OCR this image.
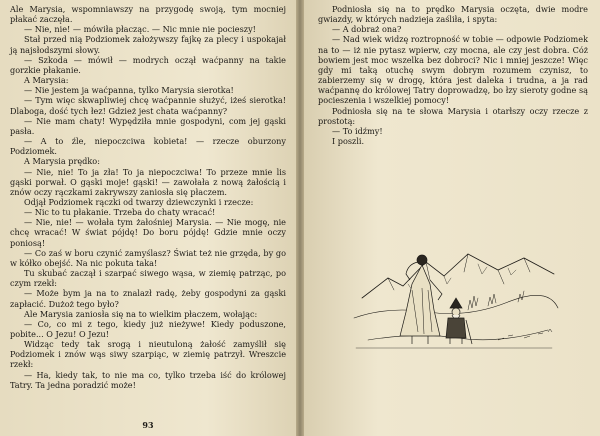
Ale Marysia, wspomniawszy na przygodę swoją, tym mocniej płakać zaczęła.

— Nie, nie! — mówiła płacząc. — Nic mnie nie pocieszy!

Stał przed nią Podziomek założywszy fajkę za plecy i uspokajał ją najsłodszymi słowy.

— Szkoda — mówił — modrych oczął waćpanny na takie gorzkie płakanie.

A Marysia:

— Nie jestem ja waćpanna, tylko Marysia sierotka!

— Tym więc skwapliwiej chcę waćpannie służyć, iżeś sierotka! Dlaboga, dość tych łez! Gdzież jest chata waćpanny?

— Nie mam chaty! Wypędziła mnie gospodyni, com jej gąski pasła.

— A to źle, niepoczciwa kobieta! — rzecze oburzony Podziomek.

A Marysia prędko:

— Nie, nie! To ja zła! To ja niepoczciwa! To przeze mnie lis gąski porwał. O gąski moje! gąski! — zawołała z nową żałością i znów oczy rączkami zakrywszy zaniosła się płaczem.

Odjął Podziomek rączki od twarzy dziewczynki i rzecze:

— Nic to tu płakanie. Trzeba do chaty wracać!

— Nie, nie! — wołała tym żałośniej Marysia. — Nie mogę, nie chcę wracać! W świat pójdę! Do boru pójdę! Gdzie mnie oczy poniosą!

— Co zaś w boru czynić zamyślasz? Świat też nie grzęda, by go w kółko obejść. Na nic pokuta taka!

Tu skubać zaczął i szarpać siwego wąsa, w ziemię patrząc, po czym rzekł:

— Może bym ja na to znalazł radę, żeby gospodyni za gąski zapłacić. Dużoż tego było?

Ale Marysia zaniosła się na to wielkim płaczem, wołając:

— Co, co mi z tego, kiedy już nieżywe! Kiedy poduszone, pobite... O Jezu! O Jezu!

Widząc tedy tak srogą i nieutuloną żałość zamyślił się Podziomek i znów wąs siwy szarpiąc, w ziemię patrzył. Wreszcie rzekł:

— Ha, kiedy tak, to nie ma co, tylko trzeba iść do królowej Tatry. Ta jedna poradzić może!

93

Podniosła się na to prędko Marysia oczęta, dwie modre gwiazdy, w których nadzieja zaśliła, i spyta:

— A dobraż ona?

— Nad wiek widzę roztropność w tobie — odpowie Podziomek na to — iż nie pytasz wpierw, czy mocna, ale czy jest dobra. Cóż bowiem jest moc wszelka bez dobroci? Nic i mniej jeszcze! Więc gdy mi taką otuchę swym dobrym rozumem czynisz, to zabierzemy się w drogę, która jest daleka i trudna, a ja rad waćpannę do królowej Tatry doprowadzę, bo łzy sieroty godne są pocieszenia i wszelkiej pomocy!

Podniosła się na te słowa Marysia i otarłszy oczy rzecze z prostotą:

— To idźmy!

I poszli.
